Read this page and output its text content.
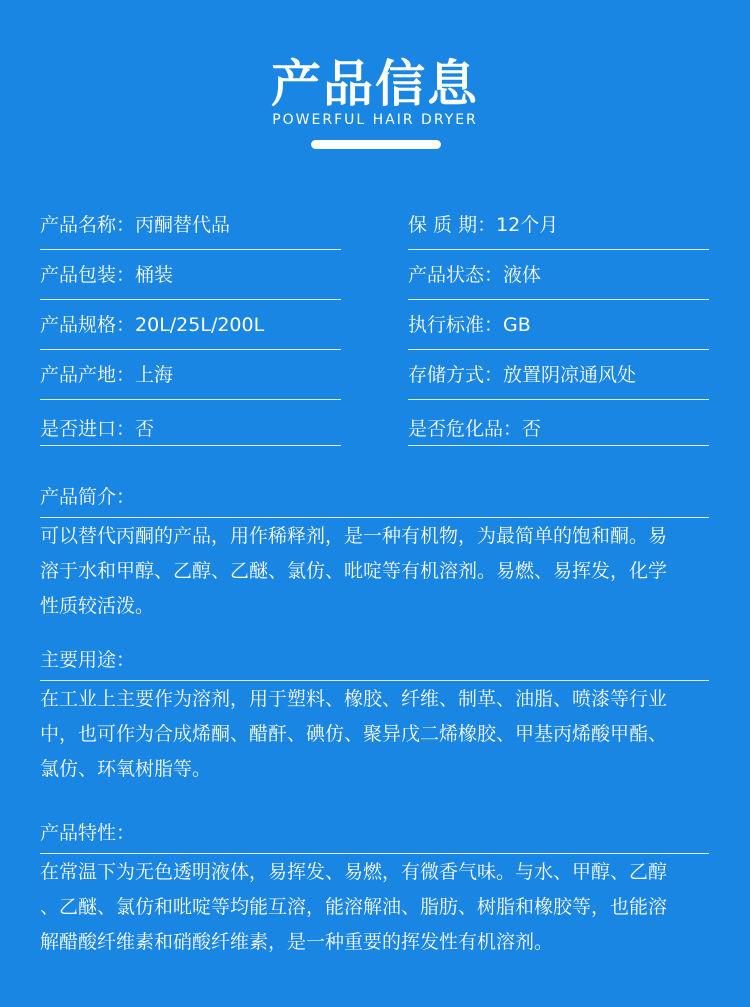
产品信息
POWERFUL HAIR DRYER
产品名称：丙酮替代品
产品包装：桶装
产品规格：20L/25L/200L
产品产地：上海
是否进口：否
保 质 期：12个月
产品状态：液体
执行标准：GB
存储方式：放置阴凉通风处
是否危化品：否
产品简介：
可以替代丙酮的产品，用作稀释剂，是一种有机物，为最简单的饱和酮。易
溶于水和甲醇、乙醇、乙醚、氯仿、吡啶等有机溶剂。易燃、易挥发，化学
性质较活泼。
主要用途：
在工业上主要作为溶剂，用于塑料、橡胶、纤维、制革、油脂、喷漆等行业
中，也可作为合成烯酮、醋酐、碘仿、聚异戊二烯橡胶、甲基丙烯酸甲酯、
氯仿、环氧树脂等。
产品特性：
在常温下为无色透明液体，易挥发、易燃，有微香气味。与水、甲醇、乙醇
、乙醚、氯仿和吡啶等均能互溶，能溶解油、脂肪、树脂和橡胶等，也能溶
解醋酸纤维素和硝酸纤维素，是一种重要的挥发性有机溶剂。
